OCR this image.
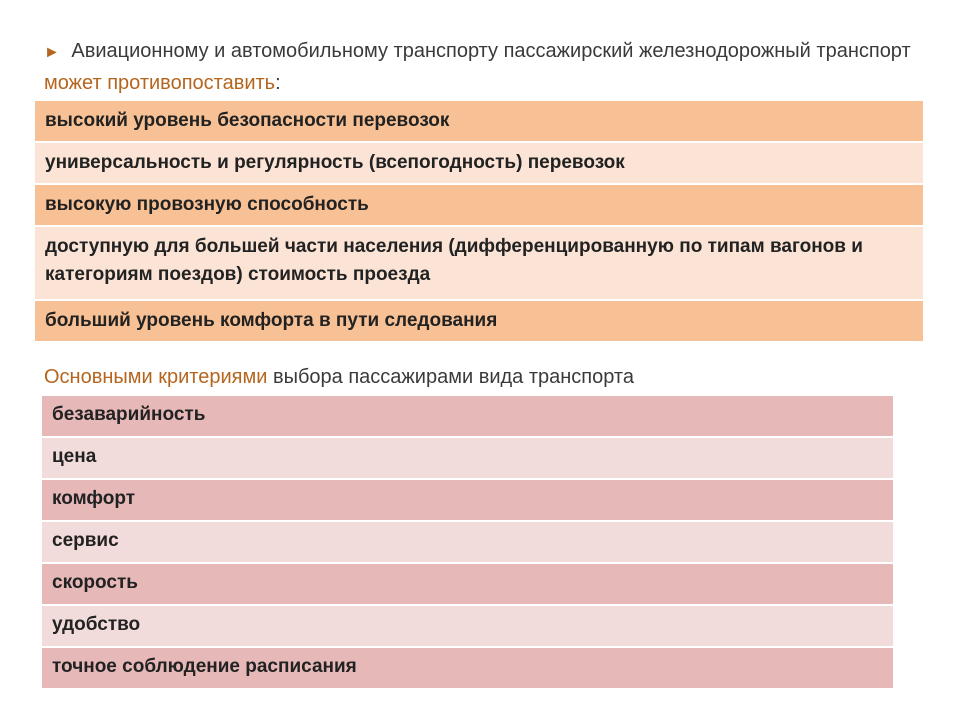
► Авиационному и автомобильному транспорту пассажирский железнодорожный транспорт может противопоставить:
высокий уровень безопасности перевозок
универсальность и регулярность (всепогодность) перевозок
высокую провозную способность
доступную для большей части населения (дифференцированную по типам вагонов и категориям поездов) стоимость проезда
больший уровень комфорта в пути следования
Основными критериями выбора пассажирами вида транспорта
безаварийность
цена
комфорт
сервис
скорость
удобство
точное соблюдение расписания
